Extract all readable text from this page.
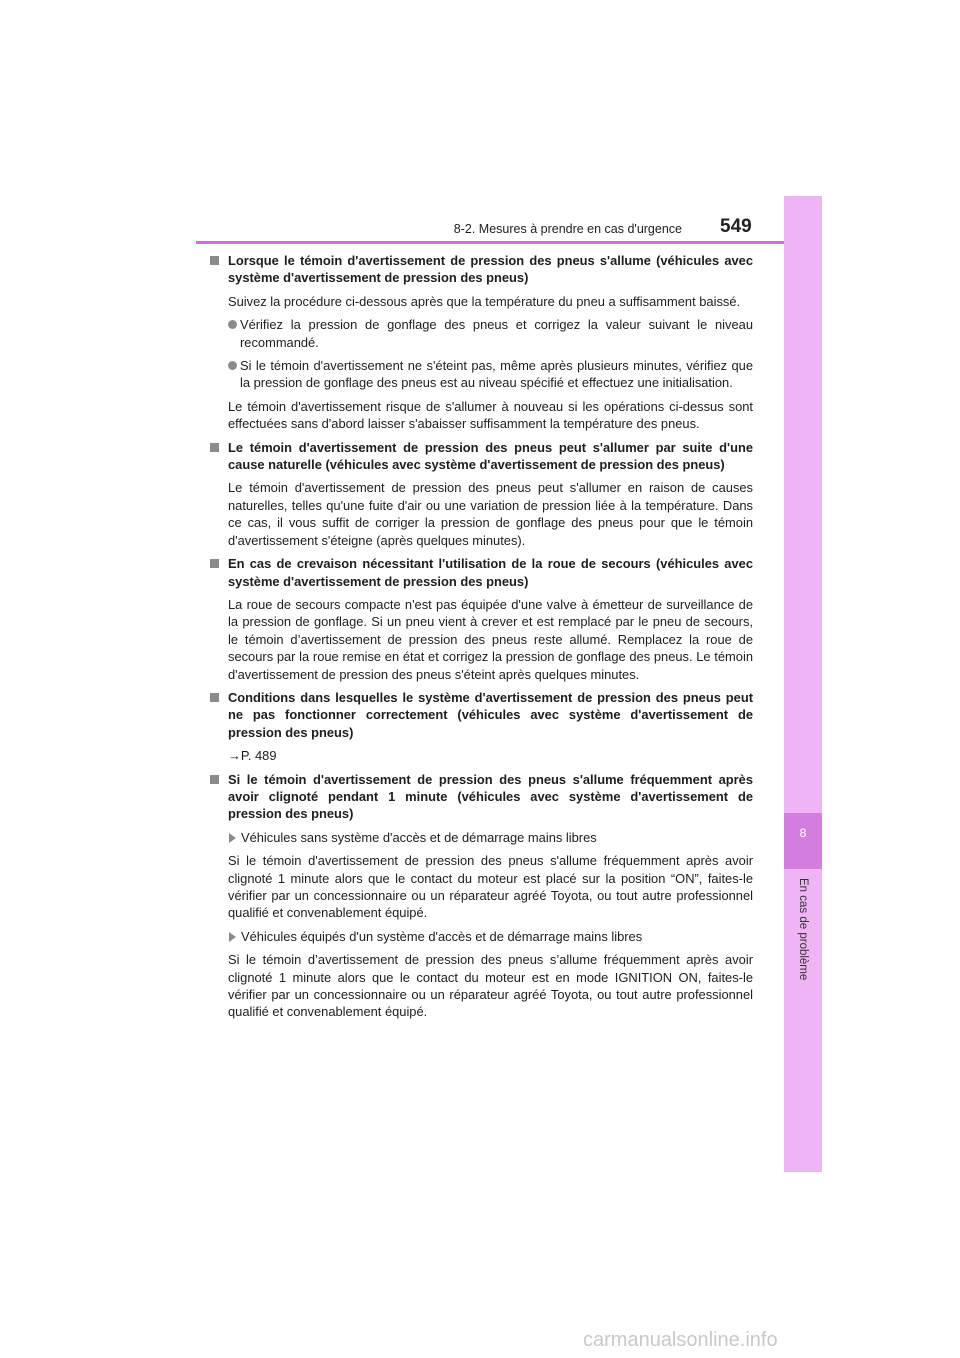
549
8-2. Mesures à prendre en cas d'urgence
8
En cas de problème

Lorsque le témoin d'avertissement de pression des pneus s'allume (véhicules avec système d'avertissement de pression des pneus)

Suivez la procédure ci-dessous après que la température du pneu a suffisamment baissé.

Vérifiez la pression de gonflage des pneus et corrigez la valeur suivant le niveau recommandé.

Si le témoin d'avertissement ne s'éteint pas, même après plusieurs minutes, vérifiez que la pression de gonflage des pneus est au niveau spécifié et effectuez une initialisation.

Le témoin d'avertissement risque de s'allumer à nouveau si les opérations ci-dessus sont effectuées sans d'abord laisser s'abaisser suffisamment la température des pneus.

Le témoin d'avertissement de pression des pneus peut s'allumer par suite d'une cause naturelle (véhicules avec système d'avertissement de pression des pneus)

Le témoin d'avertissement de pression des pneus peut s'allumer en raison de causes naturelles, telles qu'une fuite d'air ou une variation de pression liée à la température. Dans ce cas, il vous suffit de corriger la pression de gonflage des pneus pour que le témoin d'avertissement s'éteigne (après quelques minutes).

En cas de crevaison nécessitant l'utilisation de la roue de secours (véhicules avec système d'avertissement de pression des pneus)

La roue de secours compacte n'est pas équipée d'une valve à émetteur de surveillance de la pression de gonflage. Si un pneu vient à crever et est remplacé par le pneu de secours, le témoin d’avertissement de pression des pneus reste allumé. Remplacez la roue de secours par la roue remise en état et corrigez la pression de gonflage des pneus. Le témoin d'avertissement de pression des pneus s'éteint après quelques minutes.

Conditions dans lesquelles le système d'avertissement de pression des pneus peut ne pas fonctionner correctement (véhicules avec système d'avertissement de pression des pneus)

→P. 489

Si le témoin d'avertissement de pression des pneus s'allume fréquemment après avoir clignoté pendant 1 minute (véhicules avec système d'avertissement de pression des pneus)

Véhicules sans système d'accès et de démarrage mains libres

Si le témoin d'avertissement de pression des pneus s'allume fréquemment après avoir clignoté 1 minute alors que le contact du moteur est placé sur la position “ON”, faites-le vérifier par un concessionnaire ou un réparateur agréé Toyota, ou tout autre professionnel qualifié et convenablement équipé.

Véhicules équipés d'un système d'accès et de démarrage mains libres

Si le témoin d’avertissement de pression des pneus s’allume fréquemment après avoir clignoté 1 minute alors que le contact du moteur est en mode IGNITION ON, faites-le vérifier par un concessionnaire ou un réparateur agréé Toyota, ou tout autre professionnel qualifié et convenablement équipé.

carmanualsonline.info
